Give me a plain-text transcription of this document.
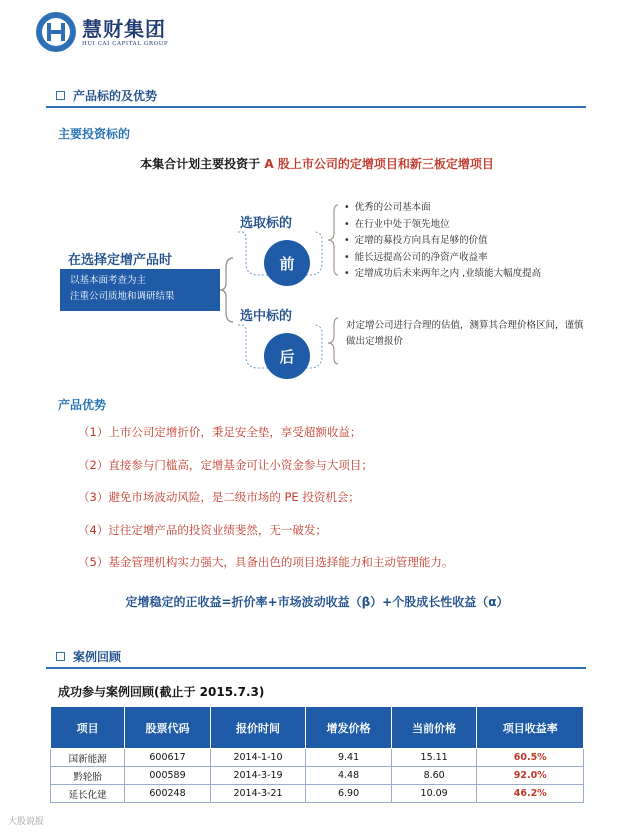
慧财集团
HUI CAI CAPITAL GROUP
产品标的及优势
主要投资标的
本集合计划主要投资于 A 股上市公司的定增项目和新三板定增项目
在选择定增产品时
以基本面考查为主
注重公司质地和调研结果
选取标的
前
选中标的
后
• 优秀的公司基本面
• 在行业中处于领先地位
• 定增的募投方向具有足够的价值
• 能长远提高公司的净资产收益率
• 定增成功后未来两年之内 ,业绩能大幅度提高
对定增公司进行合理的估值，测算其合理价格区间，谨慎做出定增报价
产品优势
（1）上市公司定增折价，秉足安全垫，享受超额收益；
（2）直接参与门槛高，定增基金可让小资金参与大项目；
（3）避免市场波动风险，是二级市场的 PE 投资机会；
（4）过往定增产品的投资业绩斐然，无一破发；
（5）基金管理机构实力强大，具备出色的项目选择能力和主动管理能力。
定增稳定的正收益=折价率+市场波动收益（β）+个股成长性收益（α）
案例回顾
成功参与案例回顾(截止于 2015.7.3)
项目	股票代码	报价时间	增发价格	当前价格	项目收益率
国新能源	600617	2014-1-10	9.41	15.11	60.5%
黔轮胎	000589	2014-3-19	4.48	8.60	92.0%
延长化建	600248	2014-3-21	6.90	10.09	46.2%
大股说报
